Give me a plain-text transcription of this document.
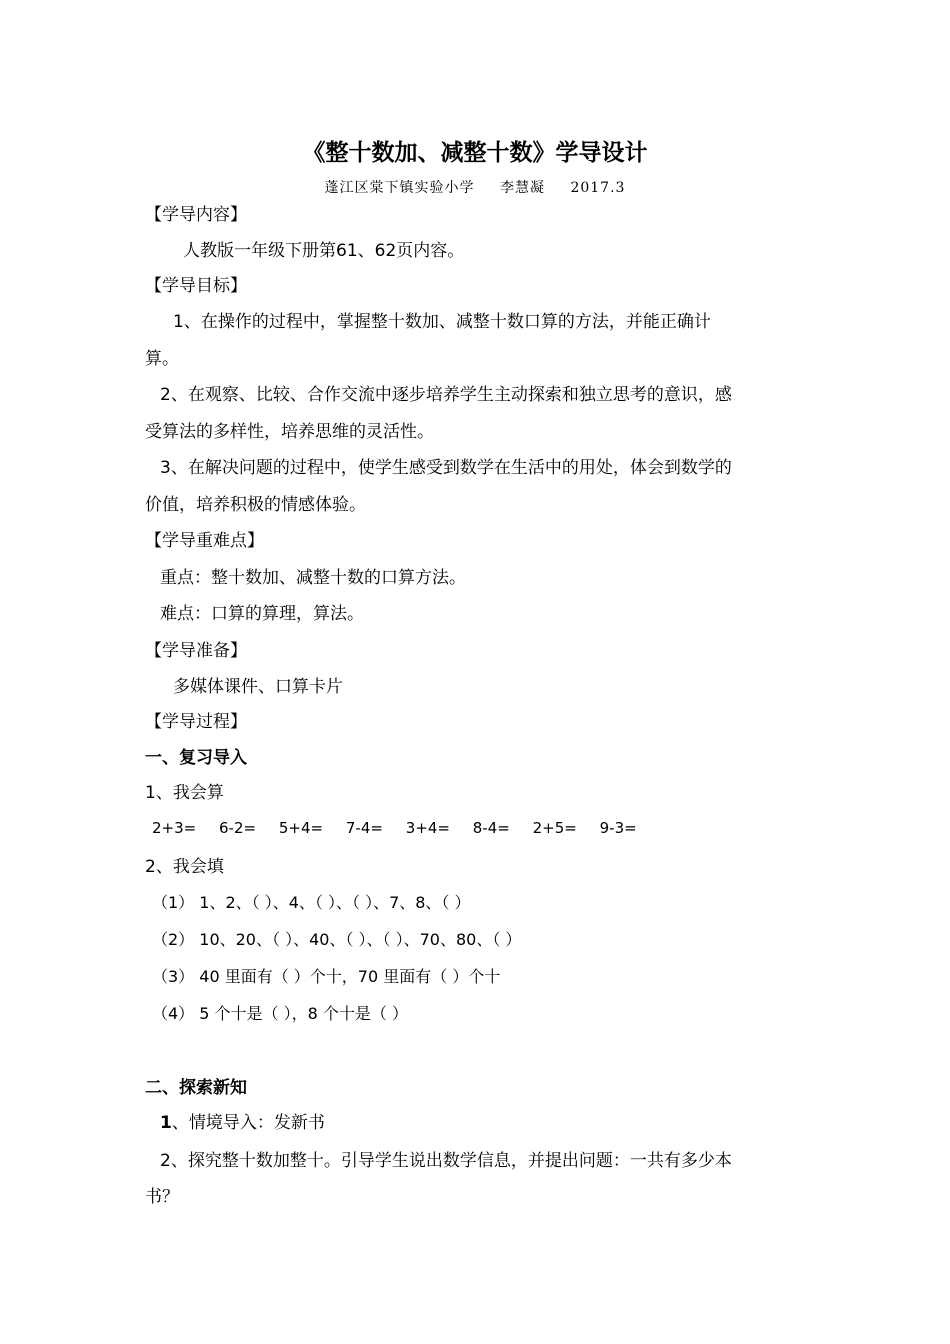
《整十数加、减整十数》学导设计
蓬江区棠下镇实验小学 李慧凝 2017.3
【学导内容】
人教版一年级下册第61、62页内容。
【学导目标】
1、在操作的过程中，掌握整十数加、减整十数口算的方法，并能正确计
算。
2、在观察、比较、合作交流中逐步培养学生主动探索和独立思考的意识，感
受算法的多样性，培养思维的灵活性。
3、在解决问题的过程中，使学生感受到数学在生活中的用处，体会到数学的
价值，培养积极的情感体验。
【学导重难点】
重点：整十数加、减整十数的口算方法。
难点：口算的算理，算法。
【学导准备】
多媒体课件、口算卡片
【学导过程】
一、复习导入
1、我会算
2+3= 6-2= 5+4= 7-4= 3+4= 8-4= 2+5= 9-3=
2、我会填
（1） 1、2、（ ）、4、（ ）、（ ）、7、8、（ ）
（2） 10、20、（ ）、40、（ ）、（ ）、70、80、（ ）
（3） 40 里面有（ ）个十，70 里面有（ ）个十
（4） 5 个十是（ ），8 个十是（ ）
二、探索新知
1、情境导入：发新书
2、探究整十数加整十。引导学生说出数学信息，并提出问题：一共有多少本
书？
